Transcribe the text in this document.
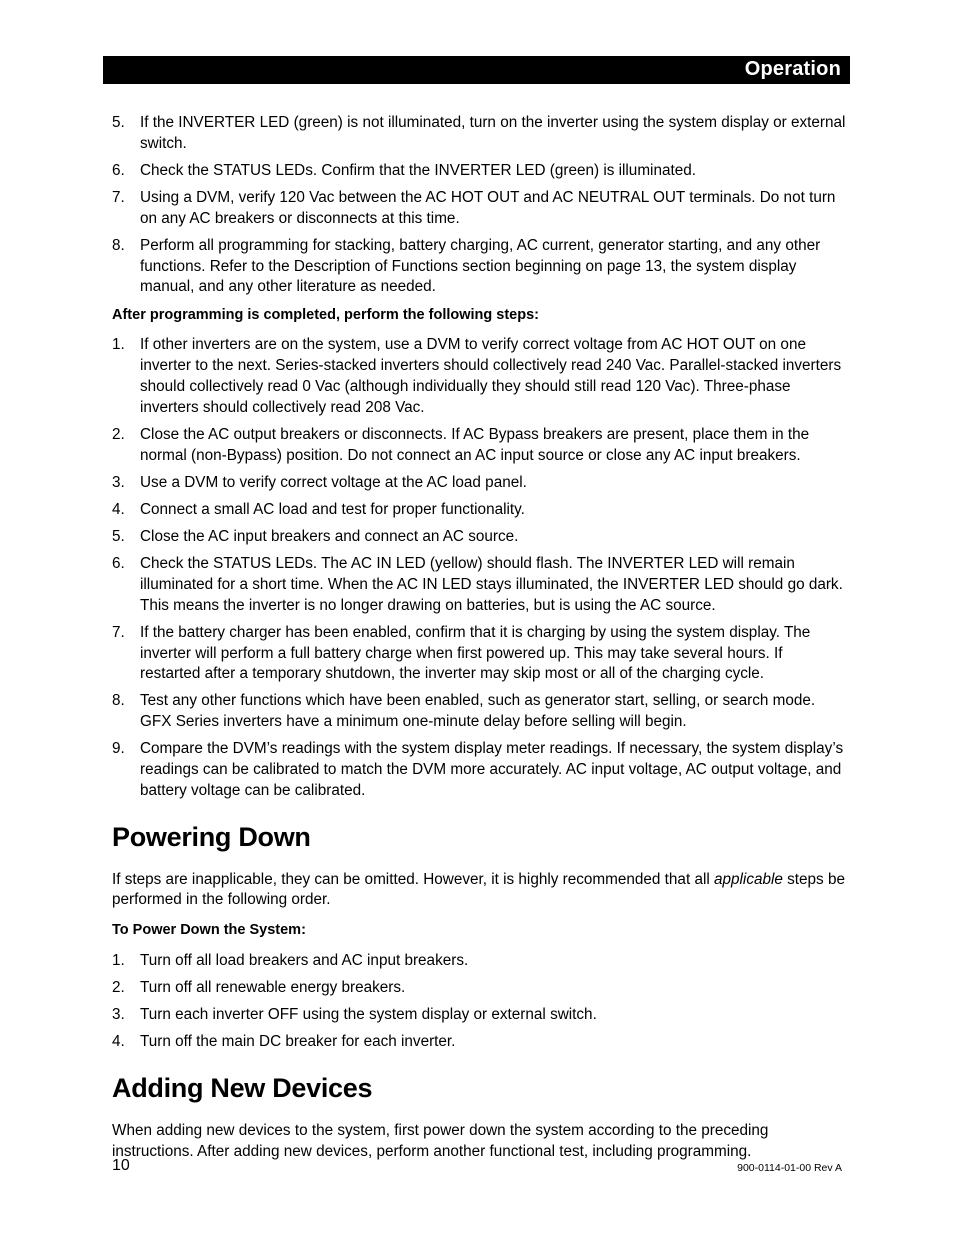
Operation
5. If the INVERTER LED (green) is not illuminated, turn on the inverter using the system display or external switch.
6. Check the STATUS LEDs. Confirm that the INVERTER LED (green) is illuminated.
7. Using a DVM, verify 120 Vac between the AC HOT OUT and AC NEUTRAL OUT terminals. Do not turn on any AC breakers or disconnects at this time.
8. Perform all programming for stacking, battery charging, AC current, generator starting, and any other functions. Refer to the Description of Functions section beginning on page 13, the system display manual, and any other literature as needed.
After programming is completed, perform the following steps:
1. If other inverters are on the system, use a DVM to verify correct voltage from AC HOT OUT on one inverter to the next. Series-stacked inverters should collectively read 240 Vac. Parallel-stacked inverters should collectively read 0 Vac (although individually they should still read 120 Vac). Three-phase inverters should collectively read 208 Vac.
2. Close the AC output breakers or disconnects. If AC Bypass breakers are present, place them in the normal (non-Bypass) position. Do not connect an AC input source or close any AC input breakers.
3. Use a DVM to verify correct voltage at the AC load panel.
4. Connect a small AC load and test for proper functionality.
5. Close the AC input breakers and connect an AC source.
6. Check the STATUS LEDs. The AC IN LED (yellow) should flash. The INVERTER LED will remain illuminated for a short time. When the AC IN LED stays illuminated, the INVERTER LED should go dark. This means the inverter is no longer drawing on batteries, but is using the AC source.
7. If the battery charger has been enabled, confirm that it is charging by using the system display. The inverter will perform a full battery charge when first powered up. This may take several hours. If restarted after a temporary shutdown, the inverter may skip most or all of the charging cycle.
8. Test any other functions which have been enabled, such as generator start, selling, or search mode. GFX Series inverters have a minimum one-minute delay before selling will begin.
9. Compare the DVM’s readings with the system display meter readings. If necessary, the system display’s readings can be calibrated to match the DVM more accurately. AC input voltage, AC output voltage, and battery voltage can be calibrated.
Powering Down

If steps are inapplicable, they can be omitted. However, it is highly recommended that all applicable steps be performed in the following order.

To Power Down the System:
1. Turn off all load breakers and AC input breakers.
2. Turn off all renewable energy breakers.
3. Turn each inverter OFF using the system display or external switch.
4. Turn off the main DC breaker for each inverter.
Adding New Devices

When adding new devices to the system, first power down the system according to the preceding instructions. After adding new devices, perform another functional test, including programming.

10	900-0114-01-00 Rev A
